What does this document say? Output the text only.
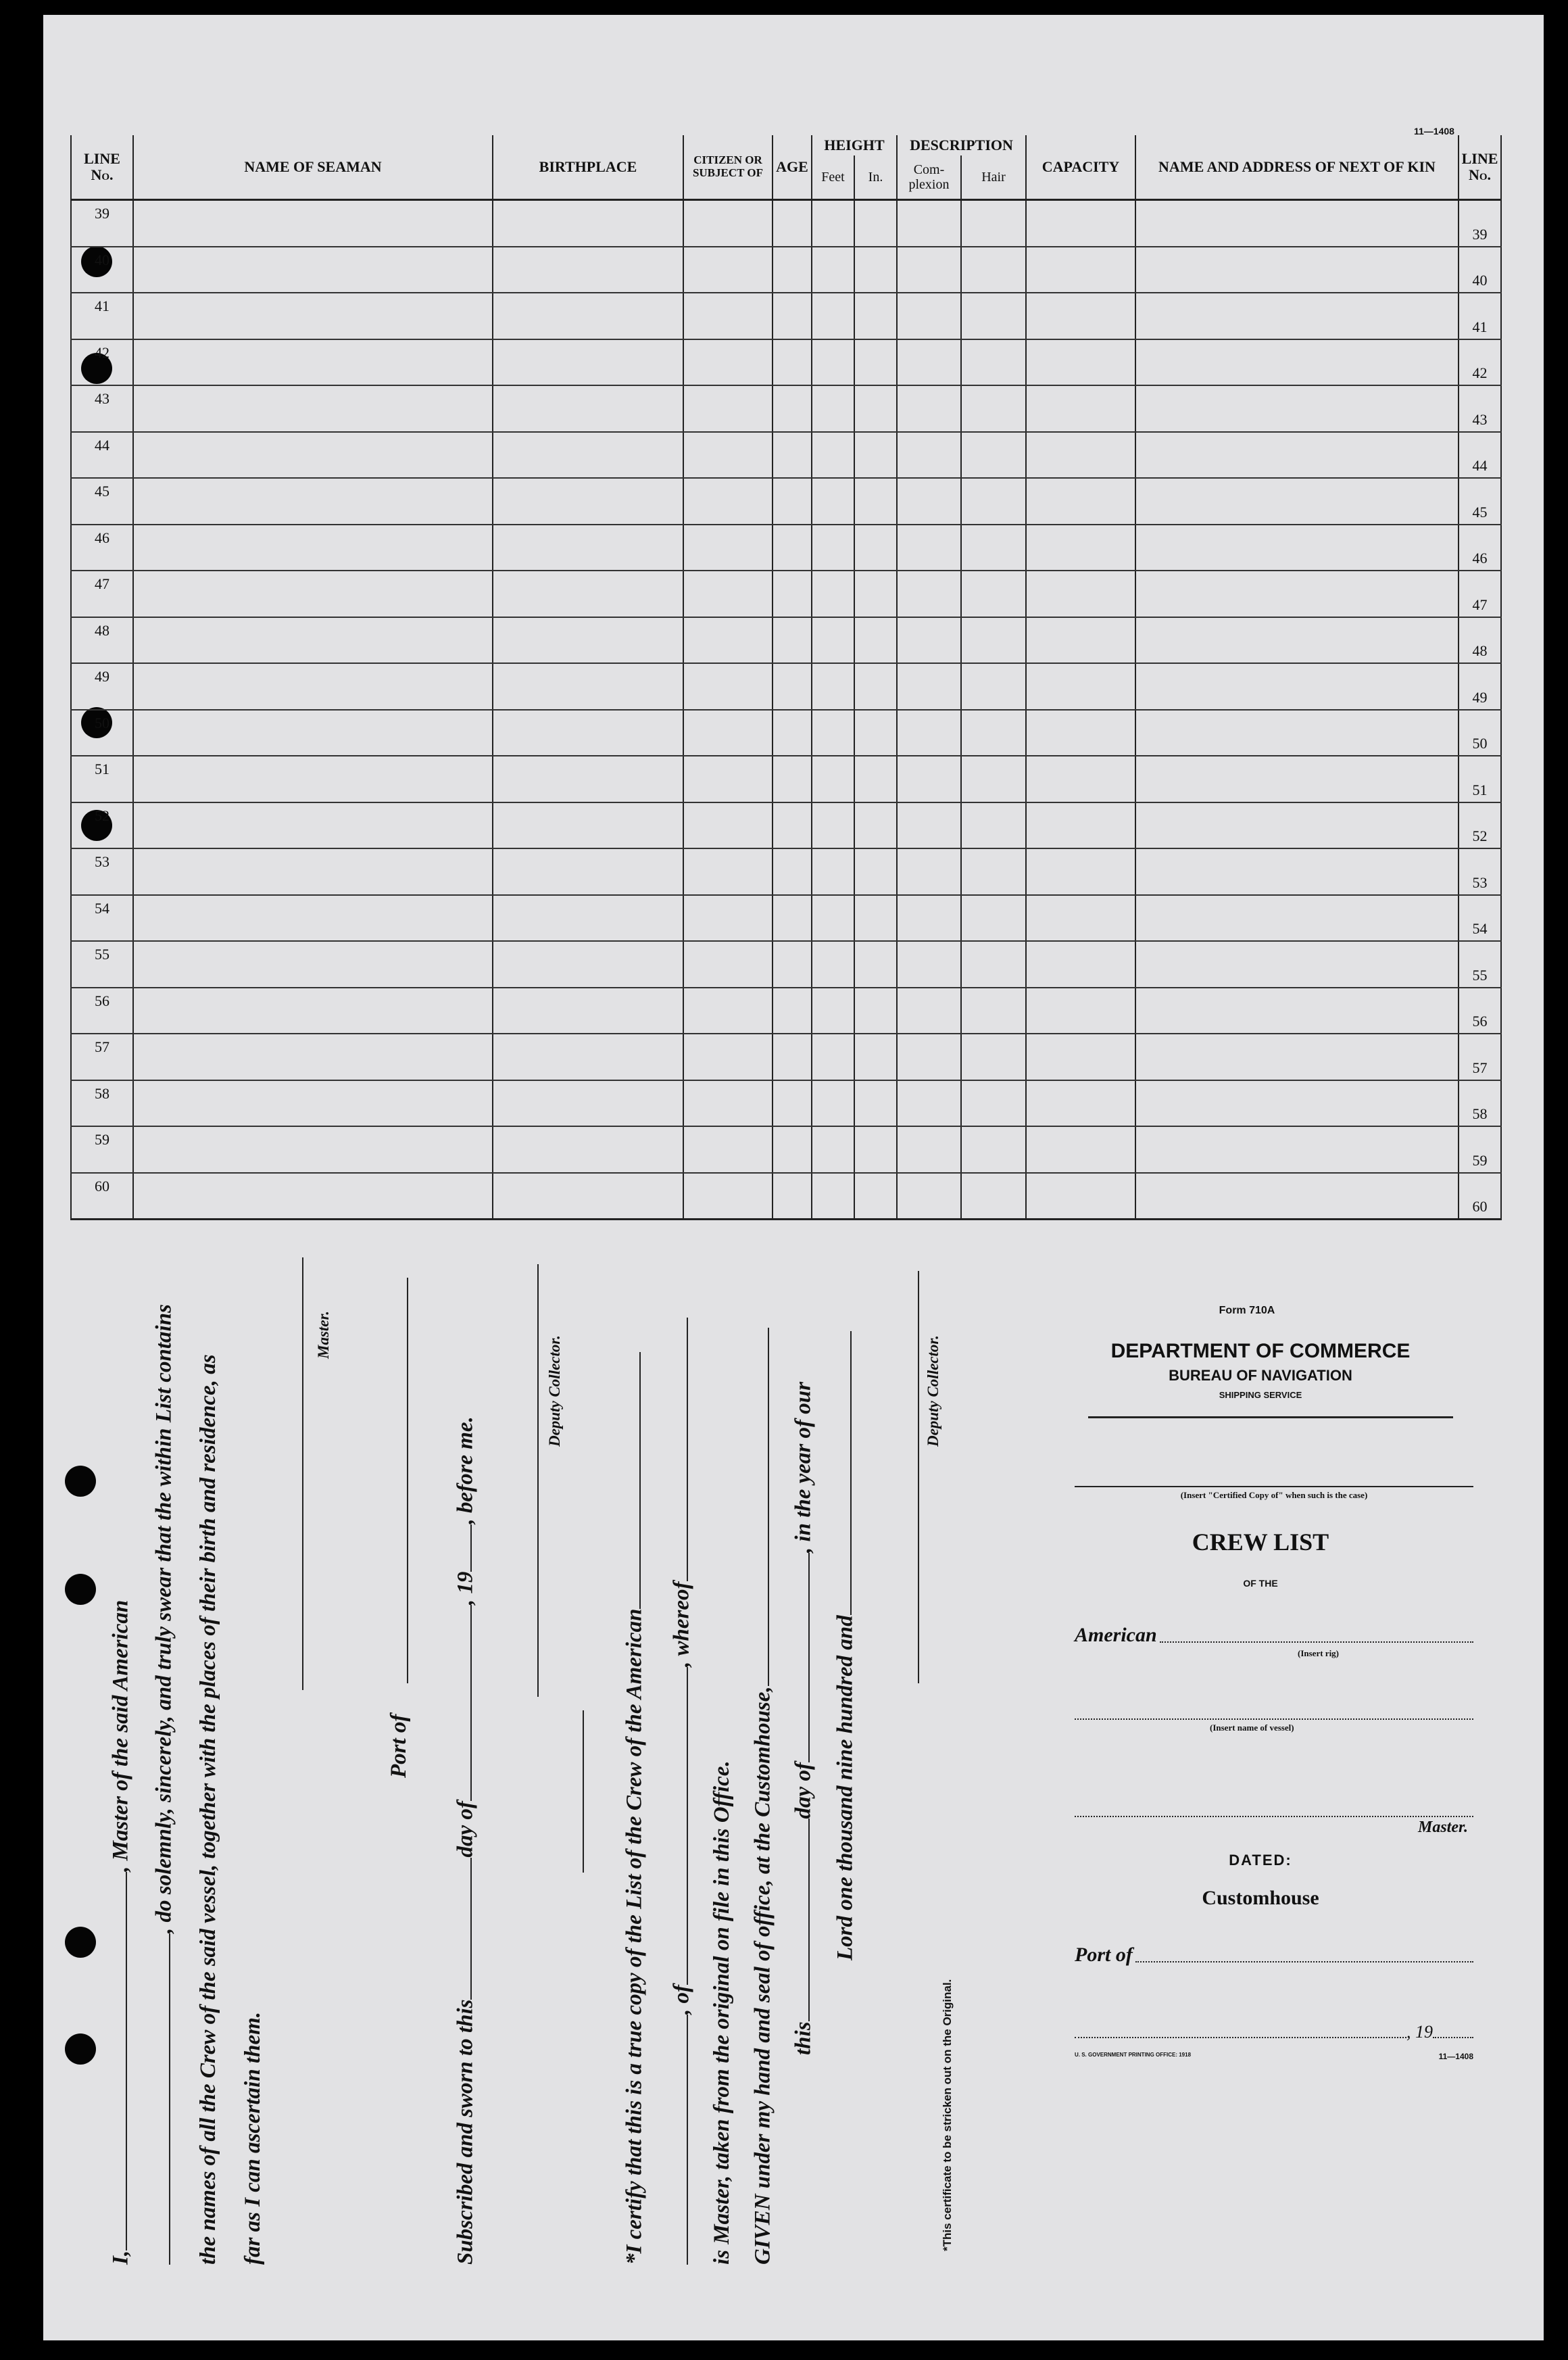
11—1408
LINE No.	NAME OF SEAMAN	BIRTHPLACE	CITIZEN OR SUBJECT OF	AGE	HEIGHT		DESCRIPTION		CAPACITY	NAME AND ADDRESS OF NEXT OF KIN	LINE No.
					Feet	In.	Com- plexion	Hair			
39											39
40											40
41											41
42											42
43											43
44											44
45											45
46											46
47											47
48											48
49											49
50											50
51											51
52											52
53											53
54											54
55											55
56											56
57											57
58											58
59											59
60											60
I,, Master of the said American , do solemnly, sincerely, and truly swear that the within List contains the names of all the Crew of the said vessel, together with the places of their birth and residence, as far as I can ascertain them.
Master.
Port of
Subscribed and sworn to thisday of, 19, before me.
Deputy Collector.
*I certify that this is a true copy of the List of the Crew of the American , of, whereof
is Master, taken from the original on file in this Office. GIVEN under my hand and seal of office, at the Customhouse, thisday of, in the year of our
Lord one thousand nine hundred and
Deputy Collector.
*This certificate to be stricken out on the Original.
Form 710A
DEPARTMENT OF COMMERCE
BUREAU OF NAVIGATION
SHIPPING SERVICE
(Insert "Certified Copy of" when such is the case)
CREW LIST
OF THE
American
(Insert rig)
(Insert name of vessel)
Master.
DATED:
Customhouse
Port of
, 19
U. S. GOVERNMENT PRINTING OFFICE: 1918	11—1408
